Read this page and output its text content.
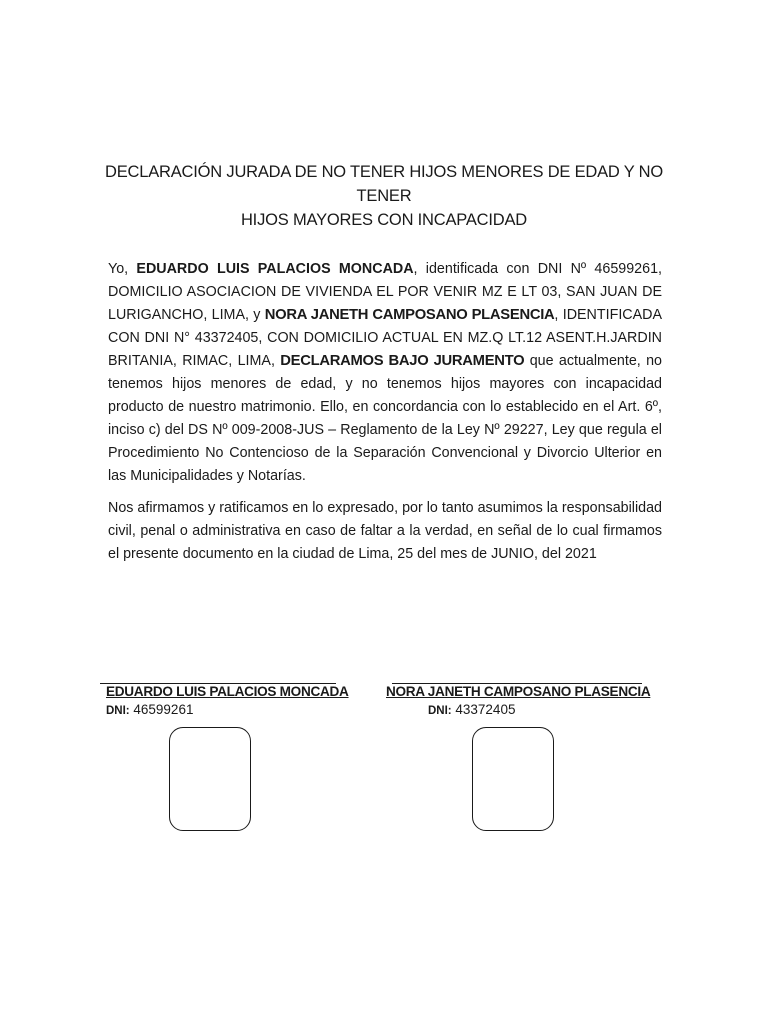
DECLARACIÓN JURADA DE NO TENER HIJOS MENORES DE EDAD Y NO TENER
HIJOS MAYORES CON INCAPACIDAD

Yo, EDUARDO LUIS PALACIOS MONCADA, identificada con DNI Nº 46599261, DOMICILIO ASOCIACION DE VIVIENDA EL POR VENIR MZ E LT 03, SAN JUAN DE LURIGANCHO, LIMA, y NORA JANETH CAMPOSANO PLASENCIA, IDENTIFICADA CON DNI N° 43372405, CON DOMICILIO ACTUAL EN MZ.Q LT.12 ASENT.H.JARDIN BRITANIA, RIMAC, LIMA, DECLARAMOS BAJO JURAMENTO que actualmente, no tenemos hijos menores de edad, y no tenemos hijos mayores con incapacidad producto de nuestro matrimonio. Ello, en concordancia con lo establecido en el Art. 6º, inciso c) del DS Nº 009-2008-JUS – Reglamento de la Ley Nº 29227, Ley que regula el Procedimiento No Contencioso de la Separación Convencional y Divorcio Ulterior en las Municipalidades y Notarías.

Nos afirmamos y ratificamos en lo expresado, por lo tanto asumimos la responsabilidad civil, penal o administrativa en caso de faltar a la verdad, en señal de lo cual firmamos el presente documento en la ciudad de Lima, 25 del mes de JUNIO, del 2021

EDUARDO LUIS PALACIOS MONCADA
DNI: 46599261
NORA JANETH CAMPOSANO PLASENCIA
DNI: 43372405
